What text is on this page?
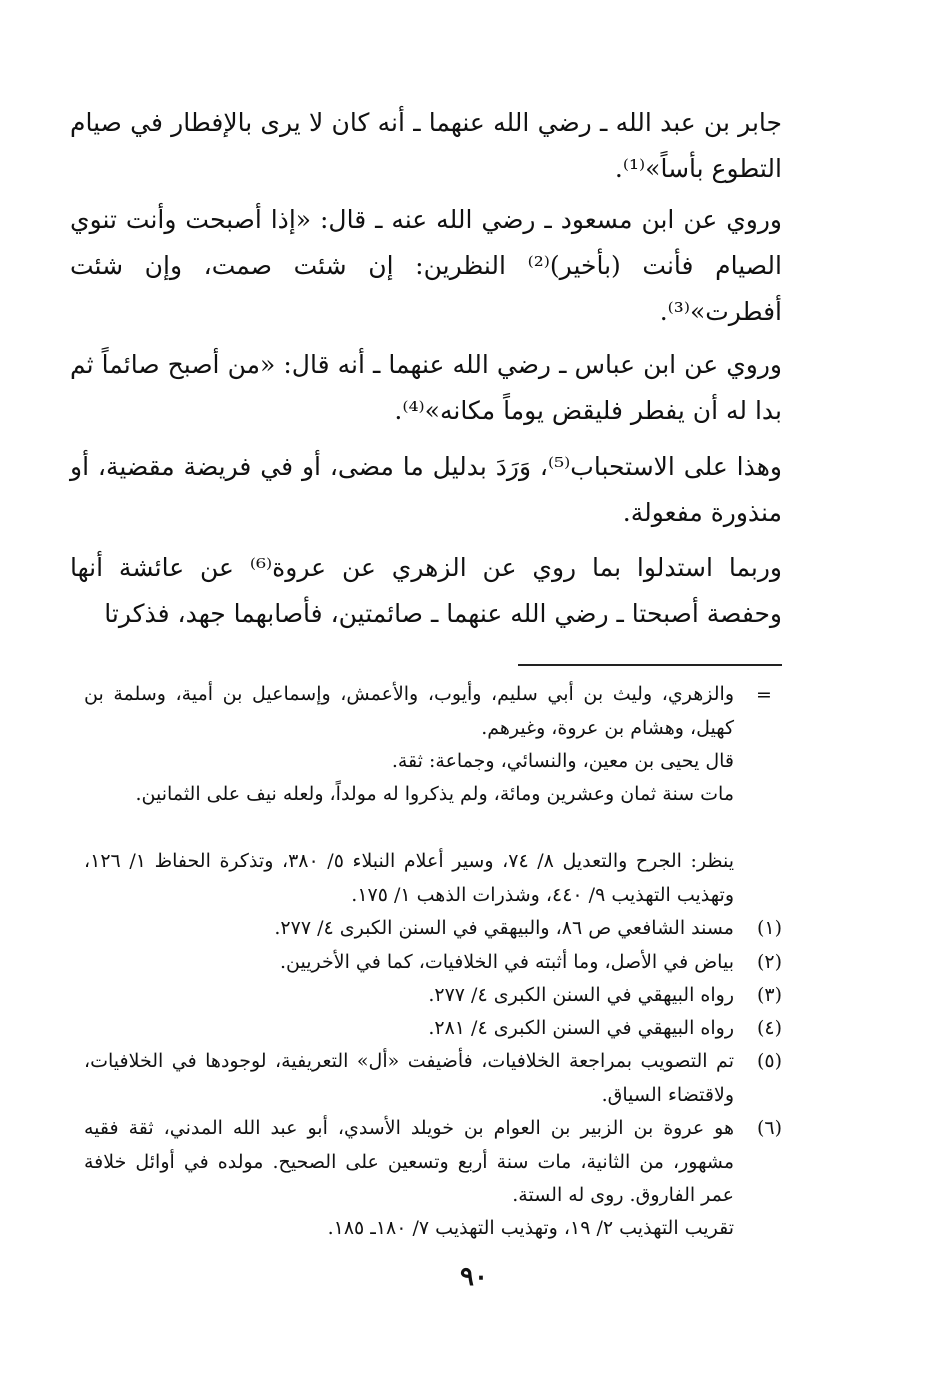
جابر بن عبد الله ـ رضي الله عنهما ـ أنه كان لا يرى بالإفطار في صيام التطوع بأساً»⁽¹⁾.

وروي عن ابن مسعود ـ رضي الله عنه ـ قال: «إذا أصبحت وأنت تنوي الصيام فأنت (بأخير)⁽²⁾ النظرين: إن شئت صمت، وإن شئت أفطرت»⁽³⁾.

وروي عن ابن عباس ـ رضي الله عنهما ـ أنه قال: «من أصبح صائماً ثم بدا له أن يفطر فليقض يوماً مكانه»⁽⁴⁾.

وهذا على الاستحباب⁽⁵⁾، وَرَدَ بدليل ما مضى، أو في فريضة مقضية، أو منذورة مفعولة.

وربما استدلوا بما روي عن الزهري عن عروة⁽⁶⁾ عن عائشة أنها وحفصة أصبحتا ـ رضي الله عنهما ـ صائمتين، فأصابهما جهد، فذكرتا

=

والزهري، وليث بن أبي سليم، وأيوب، والأعمش، وإسماعيل بن أمية، وسلمة بن كهيل، وهشام بن عروة، وغيرهم.

قال يحيى بن معين، والنسائي، وجماعة: ثقة.

مات سنة ثمان وعشرين ومائة، ولم يذكروا له مولداً، ولعله نيف على الثمانين.

ينظر: الجرح والتعديل ٨/ ٧٤، وسير أعلام النبلاء ٥/ ٣٨٠، وتذكرة الحفاظ ١/ ١٢٦، وتهذيب التهذيب ٩/ ٤٤٠، وشذرات الذهب ١/ ١٧٥.

(١)

مسند الشافعي ص ٨٦، والبيهقي في السنن الكبرى ٤/ ٢٧٧.

(٢)

بياض في الأصل، وما أثبته في الخلافيات، كما في الأخريين.

(٣)

رواه البيهقي في السنن الكبرى ٤/ ٢٧٧.

(٤)

رواه البيهقي في السنن الكبرى ٤/ ٢٨١.

(٥)

تم التصويب بمراجعة الخلافيات، فأضيفت «أل» التعريفية، لوجودها في الخلافيات، ولاقتضاء السياق.

(٦)

هو عروة بن الزبير بن العوام بن خويلد الأسدي، أبو عبد الله المدني، ثقة فقيه مشهور، من الثانية، مات سنة أربع وتسعين على الصحيح. مولده في أوائل خلافة عمر الفاروق. روى له الستة.

تقريب التهذيب ٢/ ١٩، وتهذيب التهذيب ٧/ ١٨٠ـ ١٨٥.

٩٠
